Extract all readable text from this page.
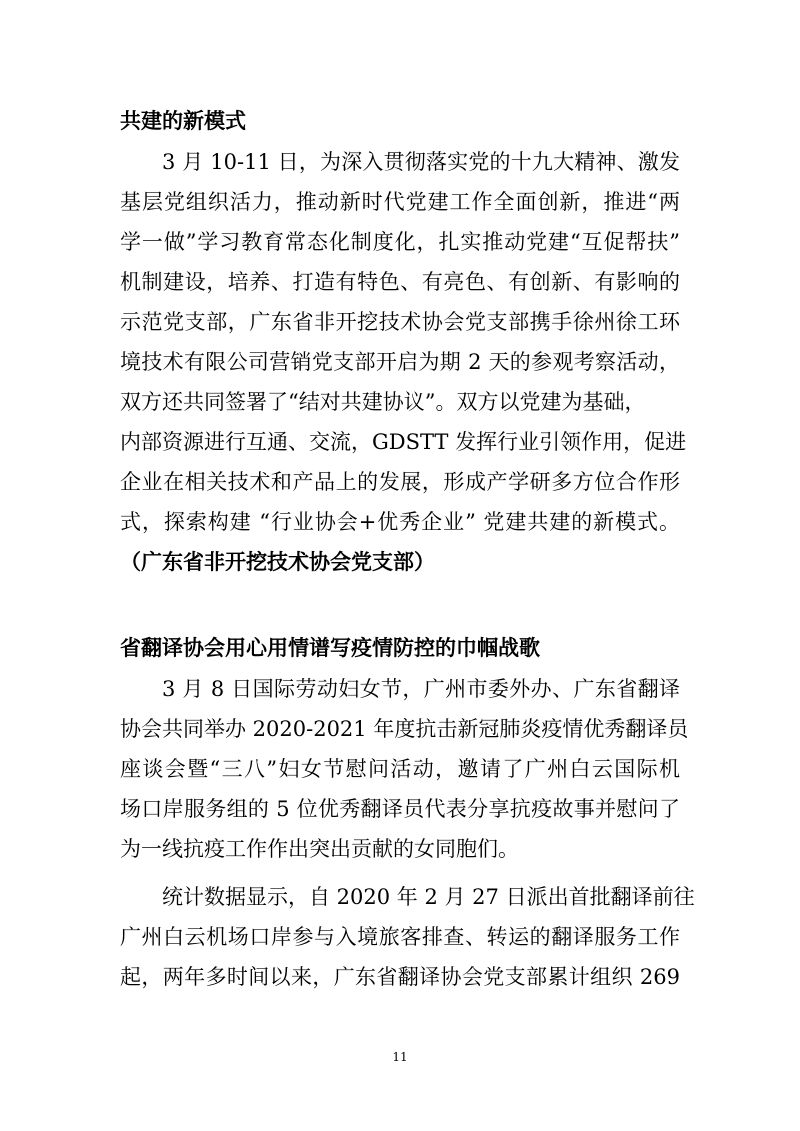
共建的新模式
3 月 10-11 日，为深入贯彻落实党的十九大精神、激发
基层党组织活力，推动新时代党建工作全面创新，推进“两
学一做”学习教育常态化制度化，扎实推动党建“互促帮扶”
机制建设，培养、打造有特色、有亮色、有创新、有影响的
示范党支部，广东省非开挖技术协会党支部携手徐州徐工环
境技术有限公司营销党支部开启为期 2 天的参观考察活动，
双方还共同签署了“结对共建协议”。双方以党建为基础，
内部资源进行互通、交流，GDSTT 发挥行业引领作用，促进
企业在相关技术和产品上的发展，形成产学研多方位合作形
式，探索构建 “行业协会+优秀企业” 党建共建的新模式。
（广东省非开挖技术协会党支部）
省翻译协会用心用情谱写疫情防控的巾帼战歌
3 月 8 日国际劳动妇女节，广州市委外办、广东省翻译
协会共同举办 2020-2021 年度抗击新冠肺炎疫情优秀翻译员
座谈会暨“三八”妇女节慰问活动，邀请了广州白云国际机
场口岸服务组的 5 位优秀翻译员代表分享抗疫故事并慰问了
为一线抗疫工作作出突出贡献的女同胞们。
统计数据显示，自 2020 年 2 月 27 日派出首批翻译前往
广州白云机场口岸参与入境旅客排查、转运的翻译服务工作
起，两年多时间以来，广东省翻译协会党支部累计组织 269
11
